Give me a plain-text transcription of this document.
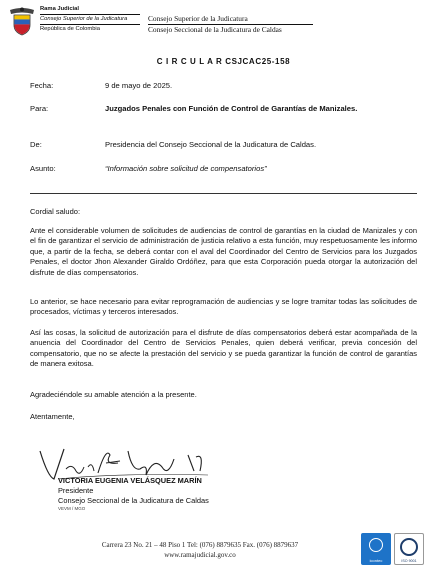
Rama Judicial
Consejo Superior de la Judicatura
República de Colombia
Consejo Superior de la Judicatura
Consejo Seccional de la Judicatura de Caldas
C I R C U L A R CSJCAC25-158
Fecha:	9 de mayo de 2025.
Para:	Juzgados Penales con Función de Control de Garantías de Manizales.
De:	Presidencia del Consejo Seccional de la Judicatura de Caldas.
Asunto:	“Información sobre solicitud de compensatorios”

Cordial saludo:

Ante el considerable volumen de solicitudes de audiencias de control de garantías en la ciudad de Manizales y con el fin de garantizar el servicio de administración de justicia relativo a esta función, muy respetuosamente les informo que, a partir de la fecha, se deberá contar con el aval del Coordinador del Centro de Servicios para los Juzgados Penales, el doctor Jhon Alexander Giraldo Ordóñez, para que esta Corporación pueda otorgar la autorización del disfrute de días compensatorios.

Lo anterior, se hace necesario para evitar reprogramación de audiencias y se logre tramitar todas las solicitudes de procesados, víctimas y terceros interesados.

Así las cosas, la solicitud de autorización para el disfrute de días compensatorios deberá estar acompañada de la anuencia del Coordinador del Centro de Servicios Penales, quien deberá verificar, previa concesión del compensatorio, que no se afecte la prestación del servicio y se pueda garantizar la función de control de garantías de manera exitosa.

Agradeciéndole su amable atención a la presente.

Atentamente,

VICTORIA EUGENIA VELÁSQUEZ MARÍN
Presidente
Consejo Seccional de la Judicatura de Caldas
VEVM / MGO
Carrera 23 No. 21 – 48 Piso 1 Tel: (076) 8879635 Fax. (076) 8879637
www.ramajudicial.gov.co
icontec	ISO 9001
